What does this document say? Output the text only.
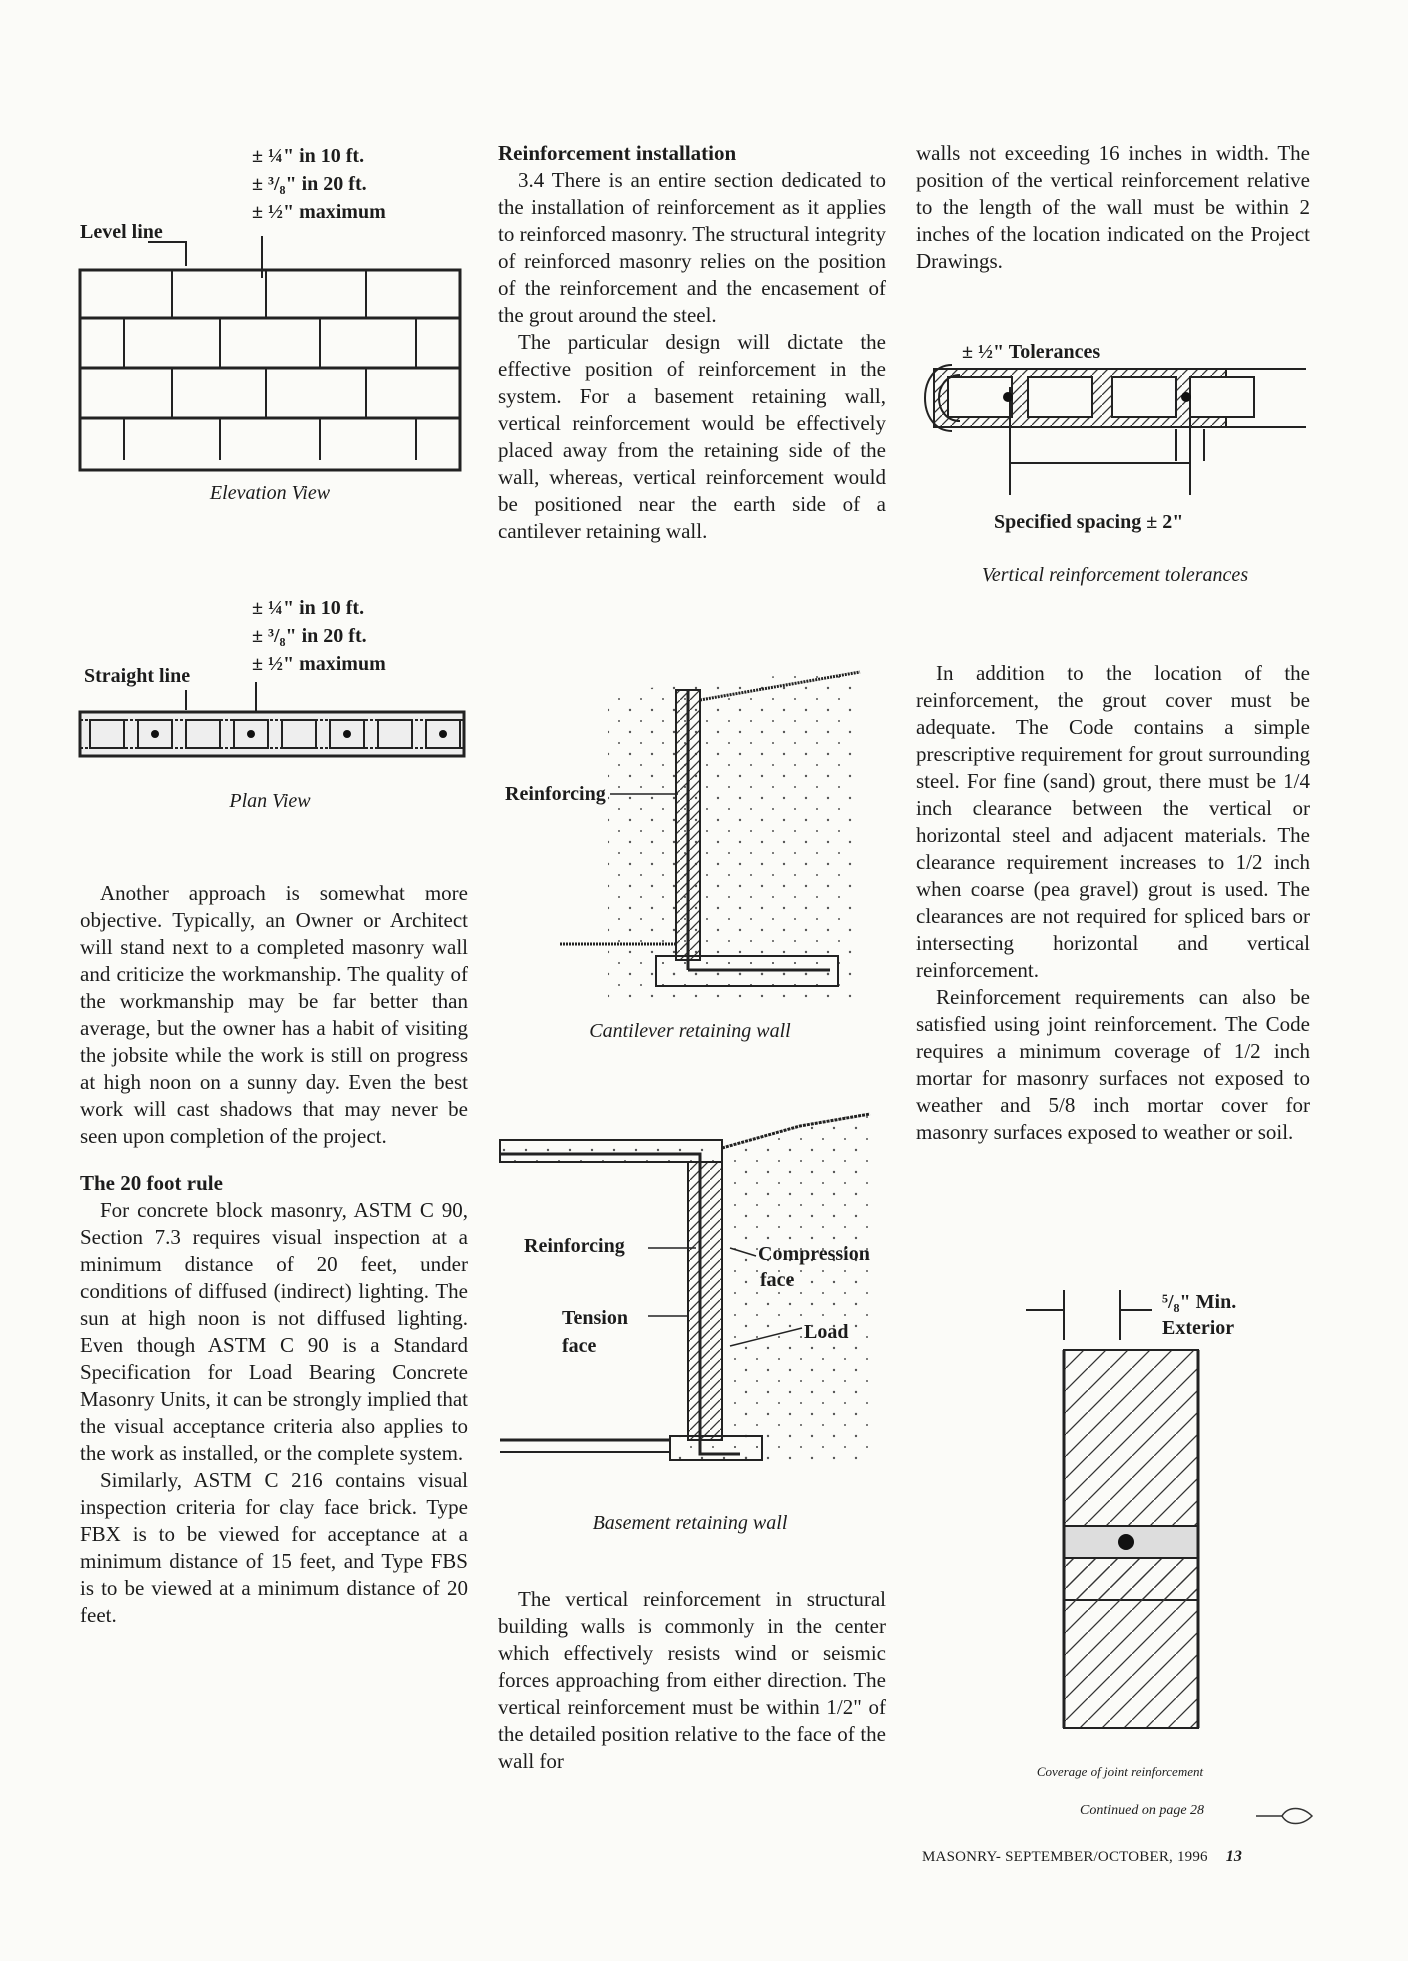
± ¼" in 10 ft.
± ³/₈" in 20 ft.
± ½" maximum
Level line
Elevation View
± ¼" in 10 ft.
± ³/₈" in 20 ft.
± ½" maximum
Straight line
Plan View

Another approach is somewhat more objective. Typically, an Owner or Architect will stand next to a completed masonry wall and criticize the workmanship. The quality of the workmanship may be far better than average, but the owner has a habit of visiting the jobsite while the work is still on progress at high noon on a sunny day. Even the best work will cast shadows that may never be seen upon completion of the project.

The 20 foot rule

For concrete block masonry, ASTM C 90, Section 7.3 requires visual inspection at a minimum distance of 20 feet, under conditions of diffused (indirect) lighting. The sun at high noon is not diffused lighting. Even though ASTM C 90 is a Standard Specification for Load Bearing Concrete Masonry Units, it can be strongly implied that the visual acceptance criteria also applies to the work as installed, or the complete system.

Similarly, ASTM C 216 contains visual inspection criteria for clay face brick. Type FBX is to be viewed for acceptance at a minimum distance of 15 feet, and Type FBS is to be viewed at a minimum distance of 20 feet.

Reinforcement installation

3.4 There is an entire section dedicated to the installation of reinforcement as it applies to reinforced masonry. The structural integrity of reinforced masonry relies on the position of the reinforcement and the encasement of the grout around the steel.

The particular design will dictate the effective position of reinforcement in the system. For a basement retaining wall, vertical reinforcement would be effectively placed away from the retaining side of the wall, whereas, vertical reinforcement would be positioned near the earth side of a cantilever retaining wall.

Reinforcing
Cantilever retaining wall
Reinforcing	Compression
face
Tension
face
Load
Basement retaining wall

The vertical reinforcement in structural building walls is commonly in the center which effectively resists wind or seismic forces approaching from either direction. The vertical reinforcement must be within 1/2" of the detailed position relative to the face of the wall for

walls not exceeding 16 inches in width. The position of the vertical reinforcement relative to the length of the wall must be within 2 inches of the location indicated on the Project Drawings.

± ½" Tolerances
Specified spacing ± 2"
Vertical reinforcement tolerances

In addition to the location of the reinforcement, the grout cover must be adequate. The Code contains a simple prescriptive requirement for grout surrounding steel. For fine (sand) grout, there must be 1/4 inch clearance between the vertical or horizontal steel and adjacent materials. The clearance requirement increases to 1/2 inch when coarse (pea gravel) grout is used. The clearances are not required for spliced bars or intersecting horizontal and vertical reinforcement.

Reinforcement requirements can also be satisfied using joint reinforcement. The Code requires a minimum coverage of 1/2 inch mortar for masonry surfaces not exposed to weather and 5/8 inch mortar cover for masonry surfaces exposed to weather or soil.

⁵/₈" Min.
Exterior
Coverage of joint reinforcement
Continued on page 28
MASONRY- SEPTEMBER/OCTOBER, 1996 13
